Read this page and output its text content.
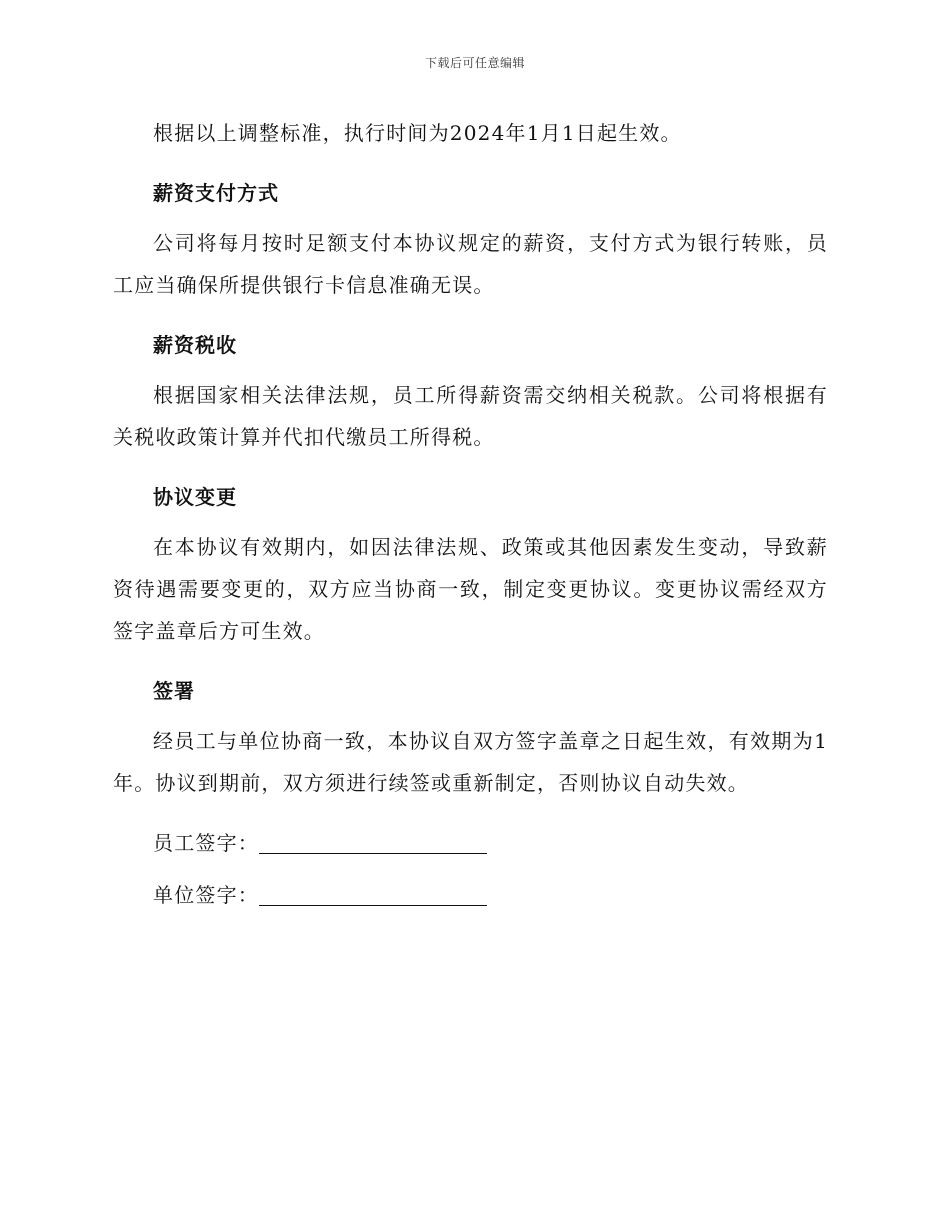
下载后可任意编辑

根据以上调整标准，执行时间为2024年1月1日起生效。

薪资支付方式

公司将每月按时足额支付本协议规定的薪资，支付方式为银行转账，员工应当确保所提供银行卡信息准确无误。

薪资税收

根据国家相关法律法规，员工所得薪资需交纳相关税款。公司将根据有关税收政策计算并代扣代缴员工所得税。

协议变更

在本协议有效期内，如因法律法规、政策或其他因素发生变动，导致薪资待遇需要变更的，双方应当协商一致，制定变更协议。变更协议需经双方签字盖章后方可生效。

签署

经员工与单位协商一致，本协议自双方签字盖章之日起生效，有效期为1年。协议到期前，双方须进行续签或重新制定，否则协议自动失效。

员工签字：
单位签字：
